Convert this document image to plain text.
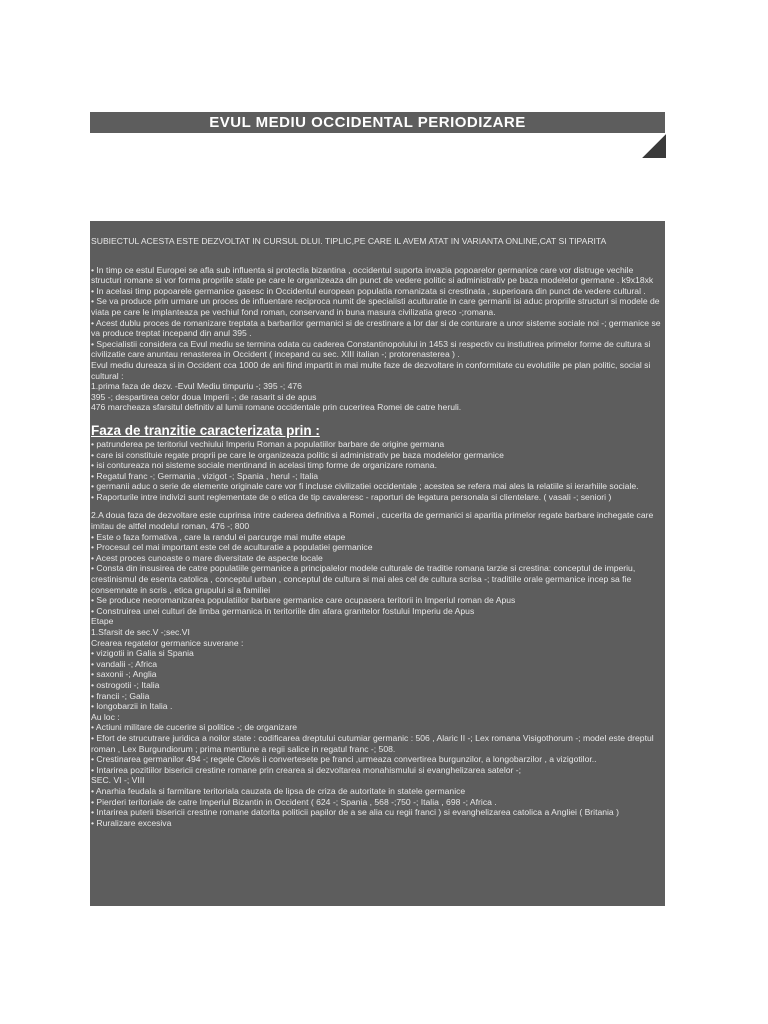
EVUL MEDIU OCCIDENTAL PERIODIZARE

SUBIECTUL ACESTA ESTE DEZVOLTAT IN CURSUL DLUI. TIPLIC,PE CARE IL AVEM ATAT IN VARIANTA ONLINE,CAT SI TIPARITA

• In timp ce estul Europei se afla sub influenta si protectia bizantina , occidentul suporta invazia popoarelor germanice care vor distruge vechile structuri romane si vor forma propriile state pe care le organizeaza din punct de vedere politic si administrativ pe baza modelelor germane . k9x18xk

• In acelasi timp popoarele germanice gasesc in Occidentul european populatia romanizata si crestinata , superioara din punct de vedere cultural .

• Se va produce prin urmare un proces de influentare reciproca numit de specialisti aculturatie in care germanii isi aduc propriile structuri si modele de viata pe care le implanteaza pe vechiul fond roman, conservand in buna masura civilizatia greco -;romana.

• Acest dublu proces de romanizare treptata a barbarilor germanici si de crestinare a lor dar si de conturare a unor sisteme sociale noi -; germanice se va produce treptat incepand din anul 395 .

• Specialistii considera ca Evul mediu se termina odata cu caderea Constantinopolului in 1453 si respectiv cu instiutirea primelor forme de cultura si civilizatie care anuntau renasterea in Occident ( incepand cu sec. XIII italian -; protorenasterea ) .

Evul mediu dureaza si in Occident cca 1000 de ani fiind impartit in mai multe faze de dezvoltare in conformitate cu evolutiile pe plan politic, social si cultural :

1.prima faza de dezv. -Evul Mediu timpuriu -; 395 -; 476

395 -; despartirea celor doua Imperii -; de rasarit si de apus

476 marcheaza sfarsitul definitiv al lumii romane occidentale prin cucerirea Romei de catre heruli.

Faza de tranzitie caracterizata prin :

• patrunderea pe teritoriul vechiului Imperiu Roman a populatiilor barbare de origine germana

• care isi constituie regate proprii pe care le organizeaza politic si administrativ pe baza modelelor germanice

• isi contureaza noi sisteme sociale mentinand in acelasi timp forme de organizare romana.

• Regatul franc -; Germania , vizigot -; Spania , herul -; Italia

• germanii aduc o serie de elemente originale care vor fi incluse civilizatiei occidentale ; acestea se refera mai ales la relatiile si ierarhiile sociale.

• Raporturile intre indivizi sunt reglementate de o etica de tip cavaleresc - raporturi de legatura personala si clientelare. ( vasali -; seniori )

2.A doua faza de dezvoltare este cuprinsa intre caderea definitiva a Romei , cucerita de germanici si aparitia primelor regate barbare inchegate care imitau de altfel modelul roman, 476 -; 800

• Este o faza formativa , care la randul ei parcurge mai multe etape

• Procesul cel mai important este cel de aculturatie a populatiei germanice

• Acest proces cunoaste o mare diversitate de aspecte locale

• Consta din insusirea de catre populatiile germanice a principalelor modele culturale de traditie romana tarzie si crestina: conceptul de imperiu, crestinismul de esenta catolica , conceptul urban , conceptul de cultura si mai ales cel de cultura scrisa -; traditiile orale germanice incep sa fie consemnate in scris , etica grupului si a familiei

• Se produce neoromanizarea populatiilor barbare germanice care ocupasera teritorii in Imperiul roman de Apus

• Construirea unei culturi de limba germanica in teritoriile din afara granitelor fostului Imperiu de Apus

Etape

1.Sfarsit de sec.V -;sec.VI

Crearea regatelor germanice suverane :

• vizigotii in Galia si Spania

• vandalii -; Africa

• saxonii -; Anglia

• ostrogotii -; Italia

• francii -; Galia

• longobarzii in Italia .

Au loc :

• Actiuni militare de cucerire si politice -; de organizare

• Efort de strucutrare juridica a noilor state : codificarea dreptului cutumiar germanic : 506 , Alaric II -; Lex romana Visigothorum -; model este dreptul roman , Lex Burgundiorum ; prima mentiune a regii salice in regatul franc -; 508.

• Crestinarea germanilor 494 -; regele Clovis ii convertesete pe franci ,urmeaza convertirea burgunzilor, a longobarzilor , a vizigotilor..

• Intarirea pozitiilor bisericii crestine romane prin crearea si dezvoltarea monahismului si evanghelizarea satelor -;

SEC. VI -; VIII

• Anarhia feudala si farmitare teritoriala cauzata de lipsa de criza de autoritate in statele germanice

• Pierderi teritoriale de catre Imperiul Bizantin in Occident ( 624 -; Spania , 568 -;750 -; Italia , 698 -; Africa .

• Intarirea puterii bisericii crestine romane datorita politicii papilor de a se alia cu regii franci ) si evanghelizarea catolica a Angliei ( Britania )

• Ruralizare excesiva
